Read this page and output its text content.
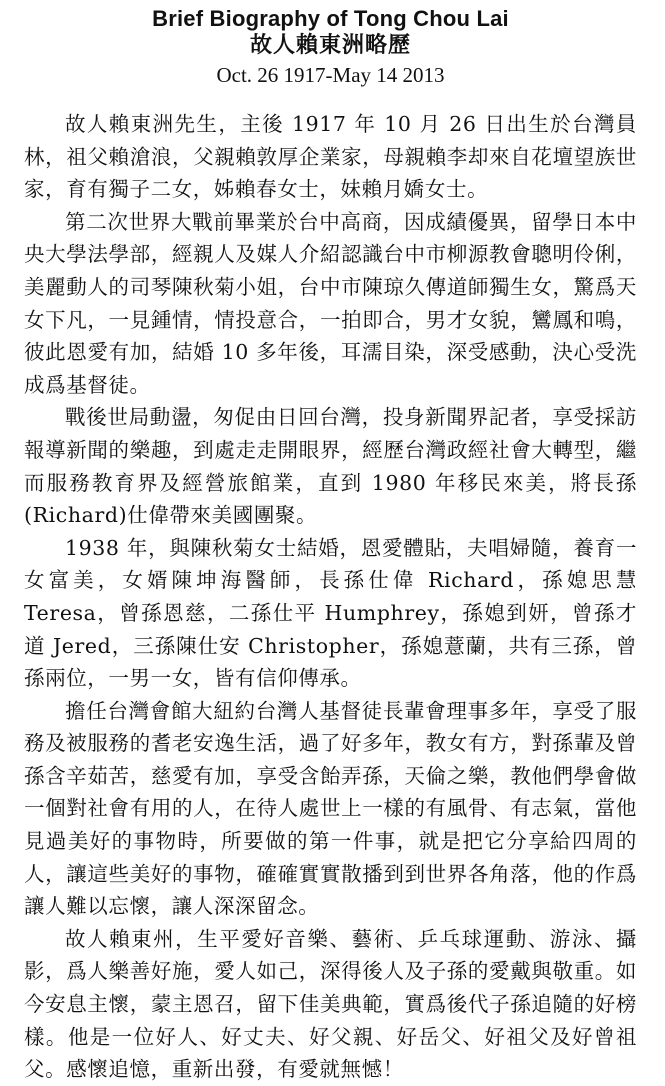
Brief Biography of Tong Chou Lai
故人賴東洲略歷
Oct. 26 1917-May 14 2013

故人賴東洲先生，主後 1917 年 10 月 26 日出生於台灣員林，祖父賴滄浪，父親賴敦厚企業家，母親賴李却來自花壇望族世家，育有獨子二女，姊賴春女士，妹賴月嬌女士。

第二次世界大戰前畢業於台中高商，因成績優異，留學日本中央大學法學部，經親人及媒人介紹認識台中市柳源教會聰明伶俐，美麗動人的司琴陳秋菊小姐，台中市陳琼久傳道師獨生女，驚爲天女下凡，一見鍾情，情投意合，一拍即合，男才女貌，鸞鳳和鳴，彼此恩愛有加，結婚 10 多年後，耳濡目染，深受感動，決心受洗成爲基督徒。

戰後世局動盪，匆促由日回台灣，投身新聞界記者，享受採訪報導新聞的樂趣，到處走走開眼界，經歷台灣政經社會大轉型，繼而服務教育界及經營旅館業，直到 1980 年移民來美，將長孫(Richard)仕偉帶來美國團聚。

1938 年，與陳秋菊女士結婚，恩愛體貼，夫唱婦隨，養育一女富美，女婿陳坤海醫師，長孫仕偉 Richard，孫媳思慧 Teresa，曾孫恩慈，二孫仕平 Humphrey，孫媳到妍，曾孫才道 Jered，三孫陳仕安 Christopher，孫媳薏蘭，共有三孫，曾孫兩位，一男一女，皆有信仰傳承。

擔任台灣會館大紐約台灣人基督徒長輩會理事多年，享受了服務及被服務的耆老安逸生活，過了好多年，教女有方，對孫輩及曾孫含辛茹苦，慈愛有加，享受含飴弄孫，天倫之樂，教他們學會做一個對社會有用的人，在待人處世上一樣的有風骨、有志氣，當他見過美好的事物時，所要做的第一件事，就是把它分享給四周的人，讓這些美好的事物，確確實實散播到到世界各角落，他的作爲讓人難以忘懷，讓人深深留念。

故人賴東州，生平愛好音樂、藝術、乒乓球運動、游泳、攝影，爲人樂善好施，愛人如己，深得後人及子孫的愛戴與敬重。如今安息主懷，蒙主恩召，留下佳美典範，實爲後代子孫追隨的好榜樣。他是一位好人、好丈夫、好父親、好岳父、好祖父及好曾祖父。感懷追憶，重新出發，有愛就無憾！
